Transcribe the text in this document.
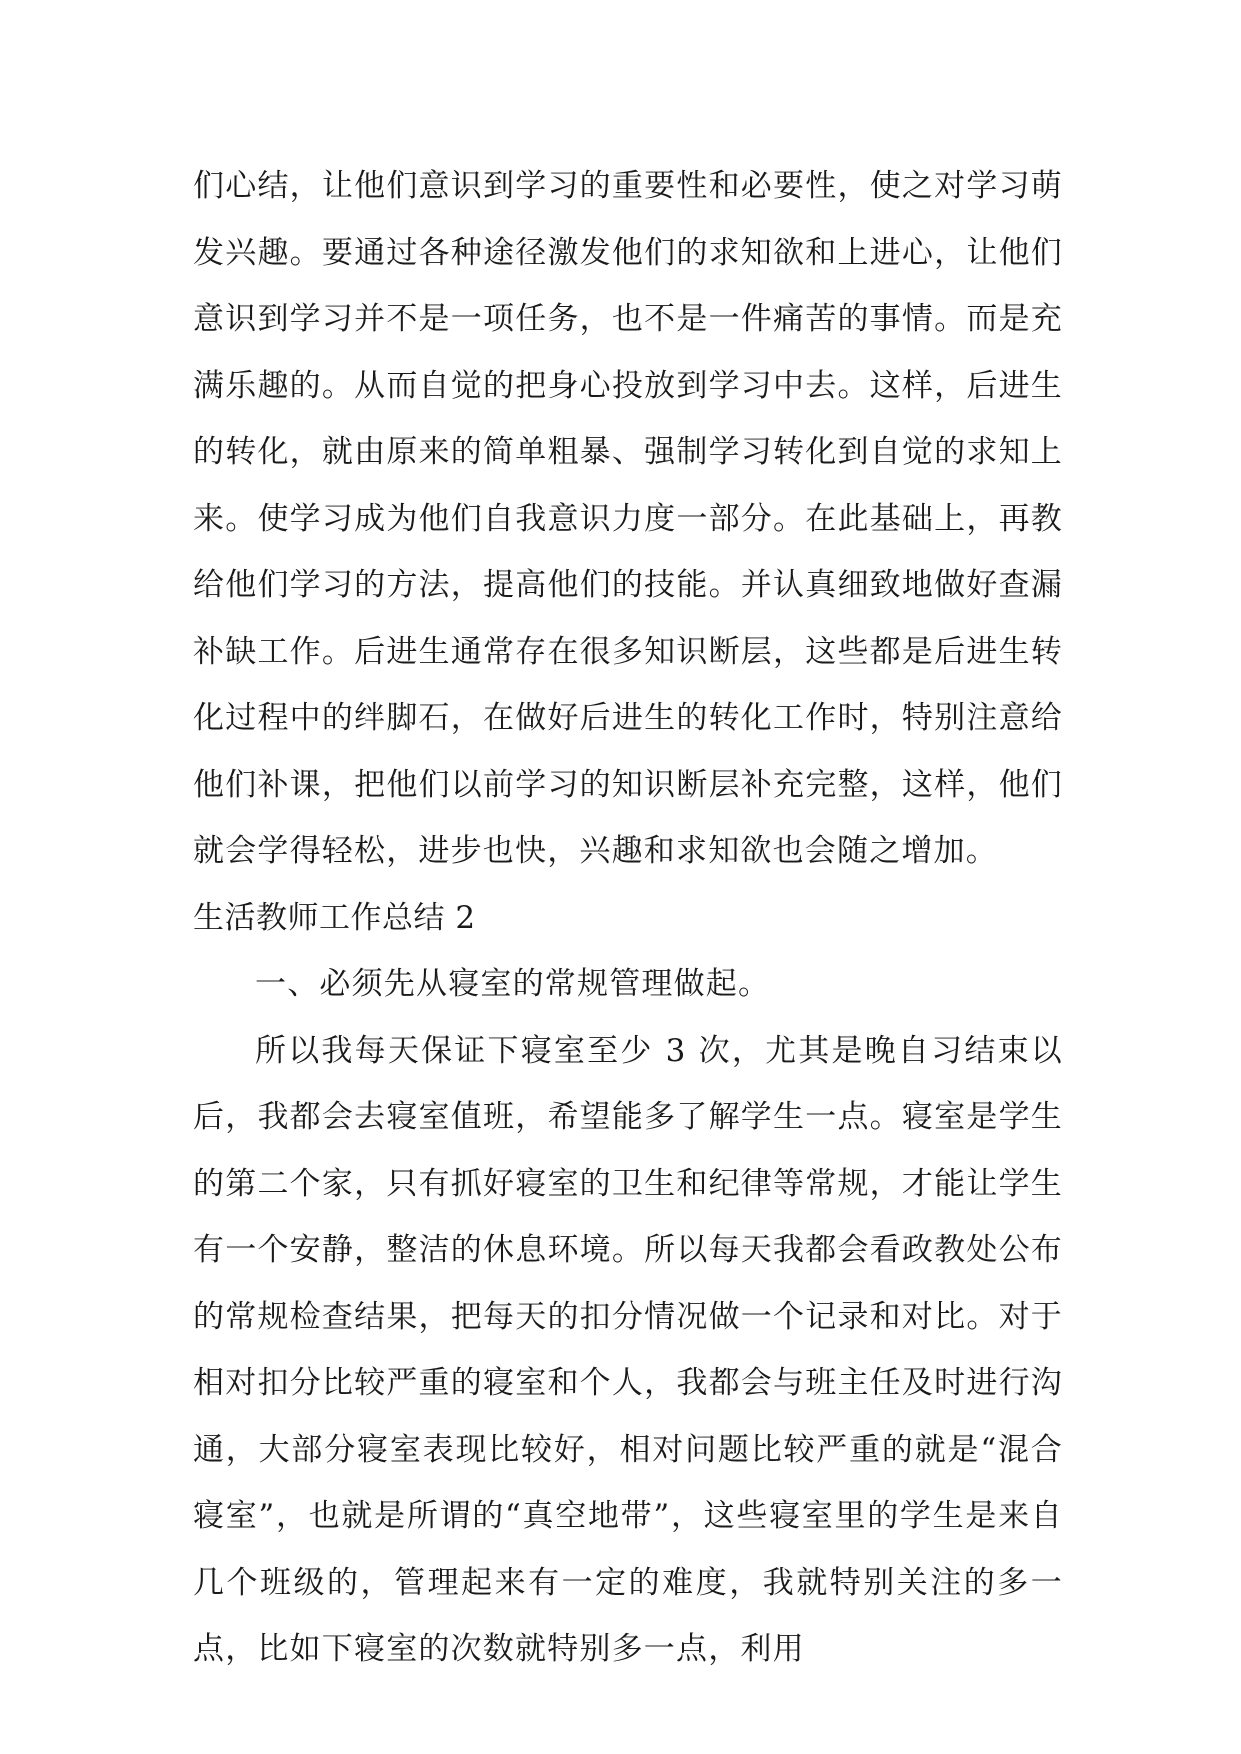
们心结，让他们意识到学习的重要性和必要性，使之对学习萌发兴趣。要通过各种途径激发他们的求知欲和上进心，让他们意识到学习并不是一项任务，也不是一件痛苦的事情。而是充满乐趣的。从而自觉的把身心投放到学习中去。这样，后进生的转化，就由原来的简单粗暴、强制学习转化到自觉的求知上来。使学习成为他们自我意识力度一部分。在此基础上，再教给他们学习的方法，提高他们的技能。并认真细致地做好查漏补缺工作。后进生通常存在很多知识断层，这些都是后进生转化过程中的绊脚石，在做好后进生的转化工作时，特别注意给他们补课，把他们以前学习的知识断层补充完整，这样，他们就会学得轻松，进步也快，兴趣和求知欲也会随之增加。

生活教师工作总结 2

一、必须先从寝室的常规管理做起。

所以我每天保证下寝室至少 3 次，尤其是晚自习结束以后，我都会去寝室值班，希望能多了解学生一点。寝室是学生的第二个家，只有抓好寝室的卫生和纪律等常规，才能让学生有一个安静，整洁的休息环境。所以每天我都会看政教处公布的常规检查结果，把每天的扣分情况做一个记录和对比。对于相对扣分比较严重的寝室和个人，我都会与班主任及时进行沟通，大部分寝室表现比较好，相对问题比较严重的就是“混合寝室”，也就是所谓的“真空地带”，这些寝室里的学生是来自几个班级的，管理起来有一定的难度，我就特别关注的多一点，比如下寝室的次数就特别多一点，利用
